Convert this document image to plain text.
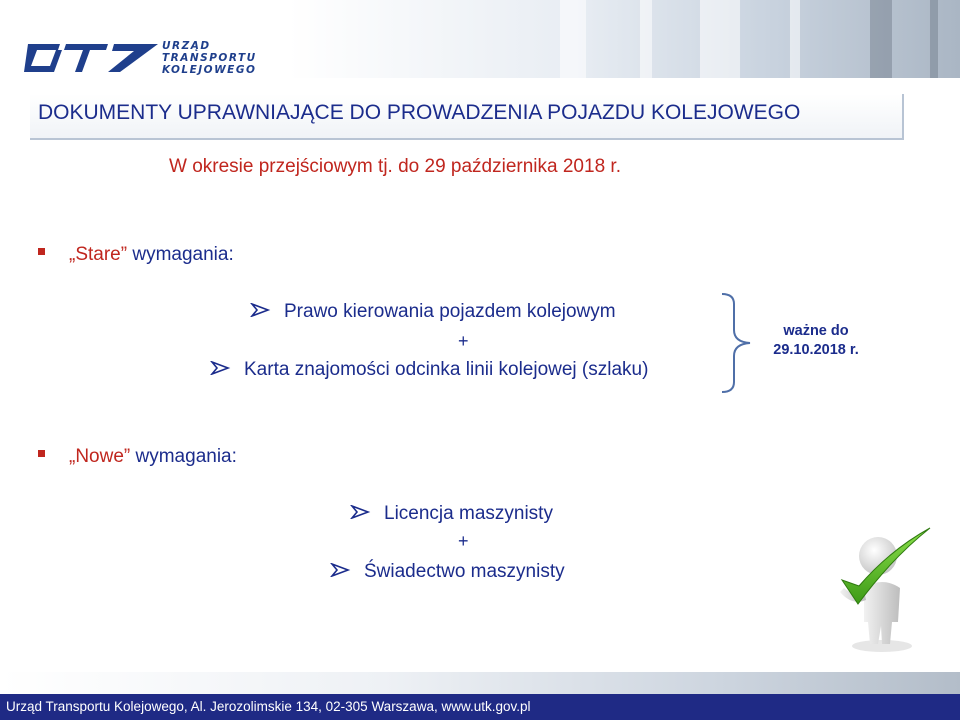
URZĄD
TRANSPORTU
KOLEJOWEGO
DOKUMENTY UPRAWNIAJĄCE DO PROWADZENIA POJAZDU KOLEJOWEGO
W okresie przejściowym tj. do 29 października 2018 r.
„Stare” wymagania:
Prawo kierowania pojazdem kolejowym
+
Karta znajomości odcinka linii kolejowej (szlaku)
ważne do
29.10.2018 r.
„Nowe” wymagania:
Licencja maszynisty
+
Świadectwo maszynisty
Urząd Transportu Kolejowego, Al. Jerozolimskie 134, 02-305 Warszawa, www.utk.gov.pl
